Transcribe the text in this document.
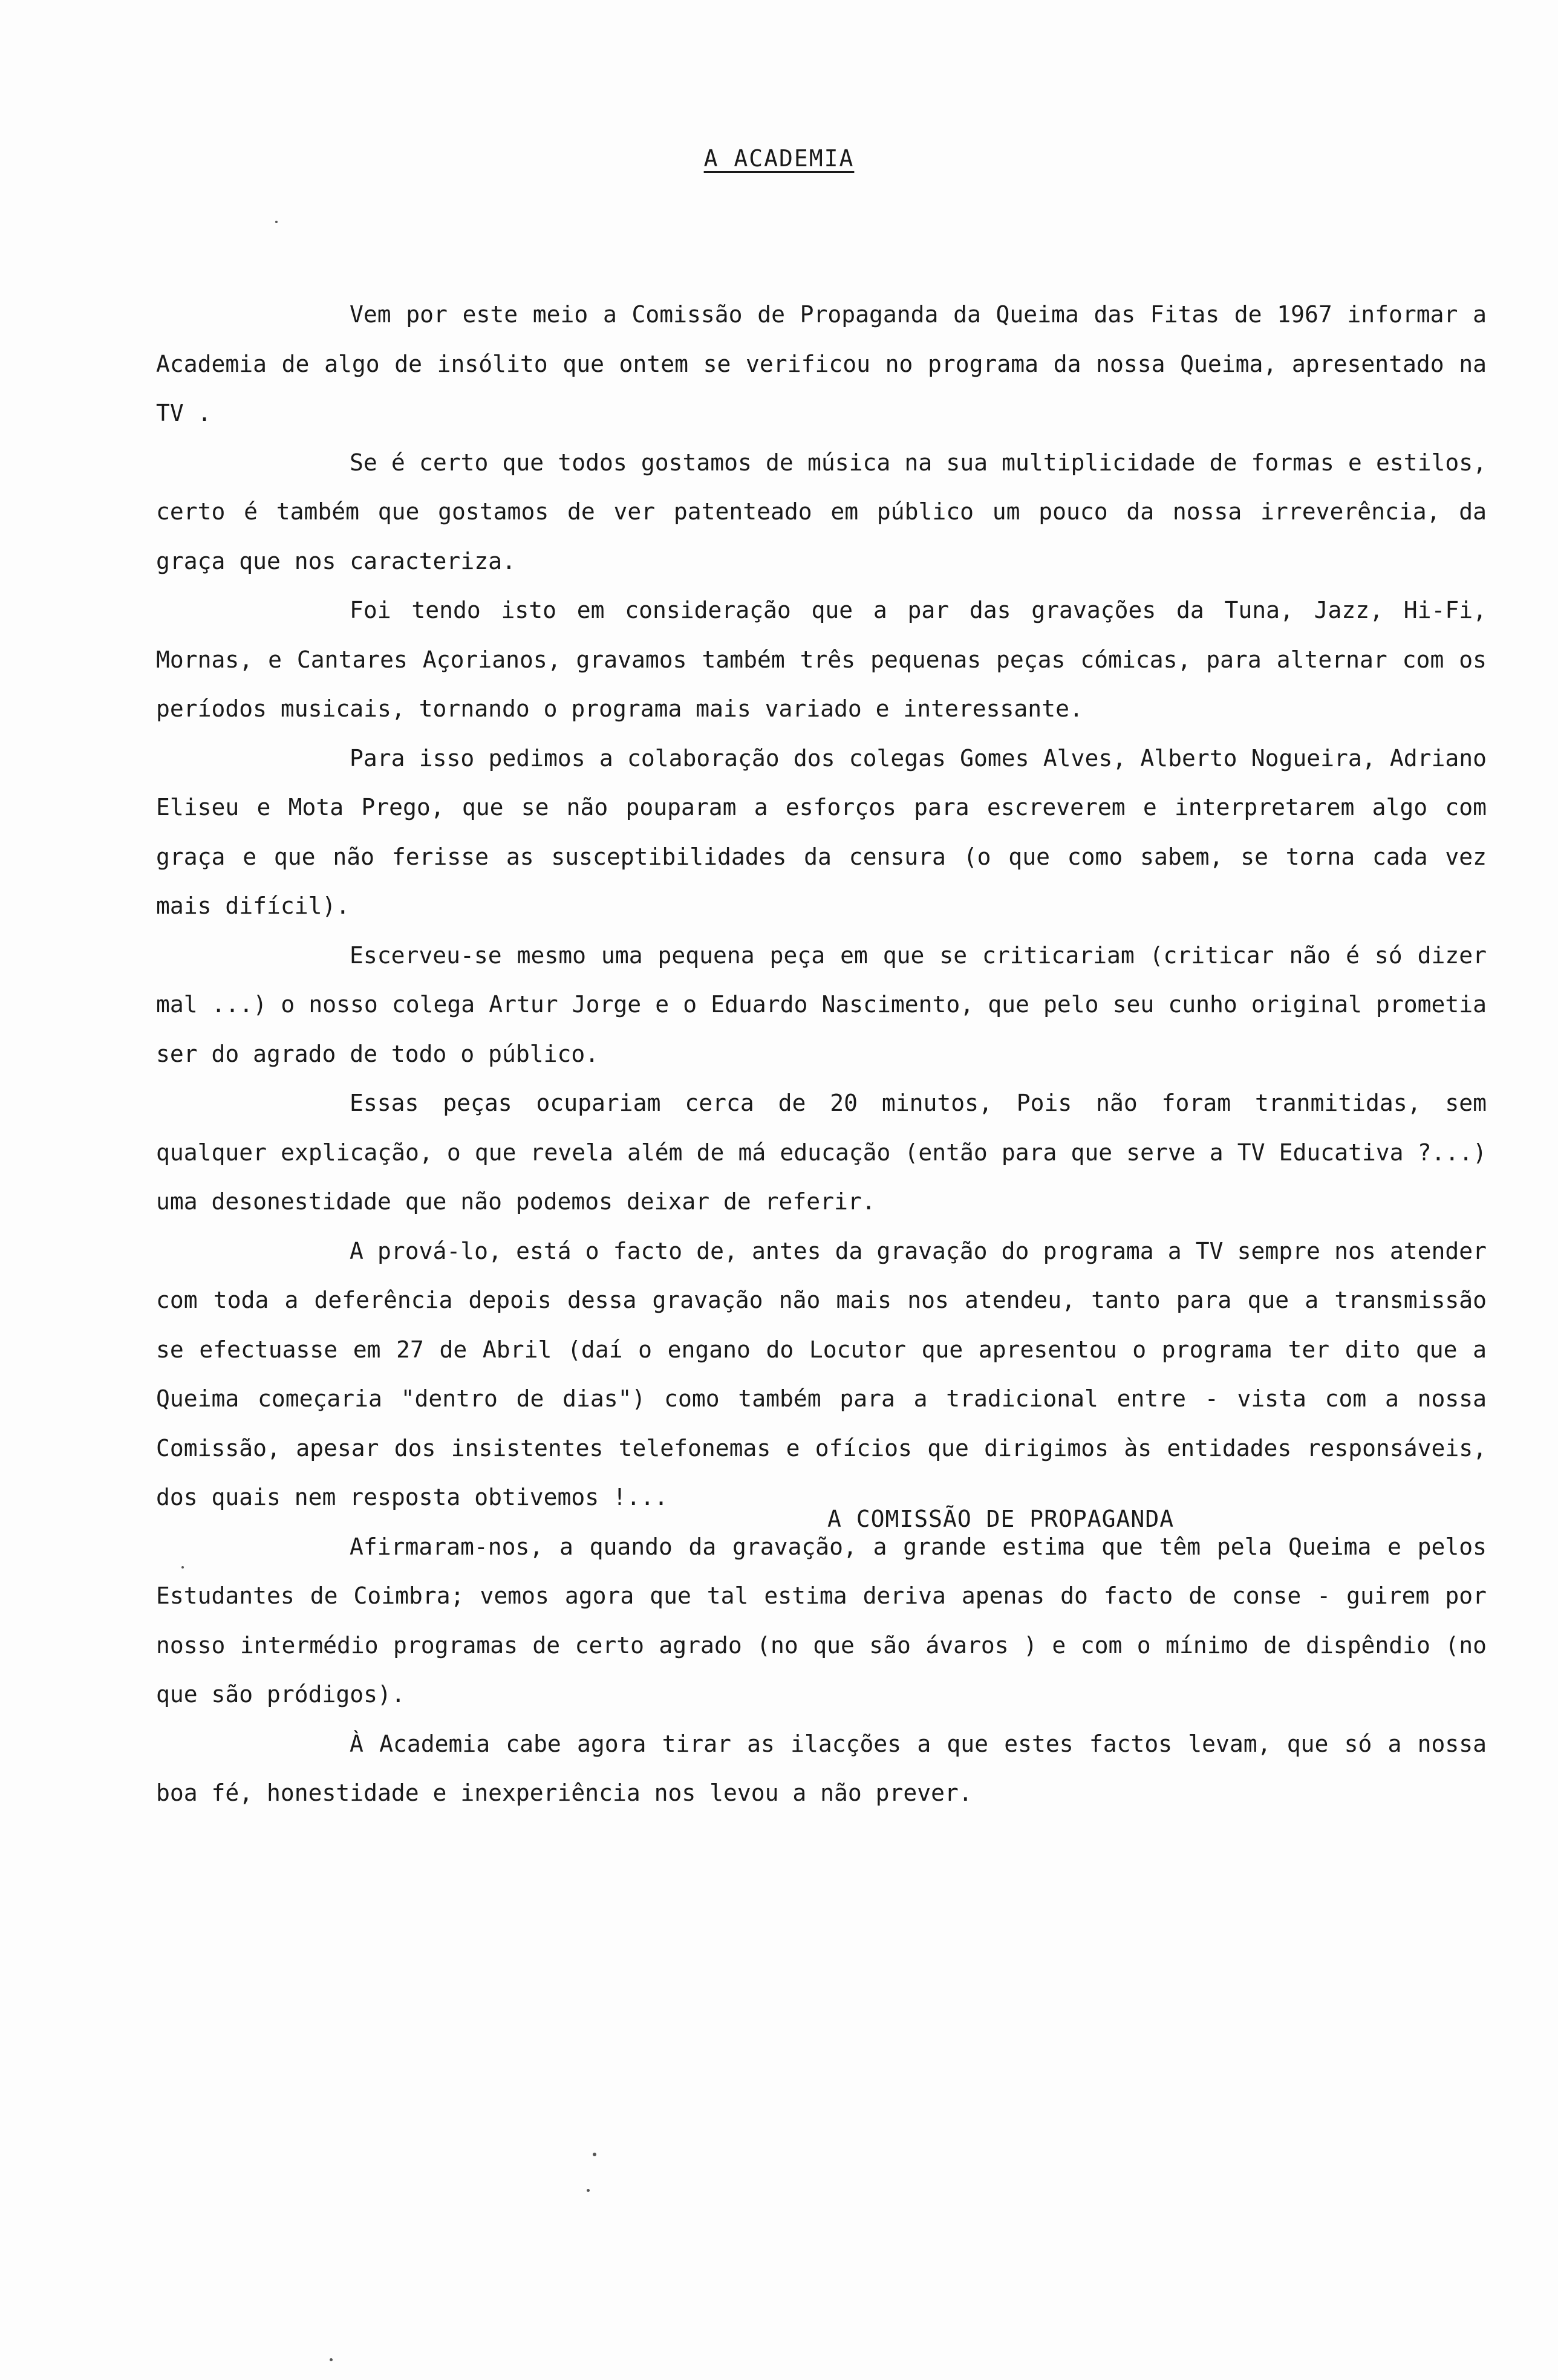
A ACADEMIA

Vem por este meio a Comissão de Propaganda da Queima das Fitas de 1967 informar a Academia de algo de insólito que ontem se verificou no programa da nossa Queima, apresentado na TV .

Se é certo que todos gostamos de música na sua multiplicidade de formas e estilos, certo é também que gostamos de ver patenteado em público um pouco da nossa irreverência, da graça que nos caracteriza.

Foi tendo isto em consideração que a par das gravações da Tuna, Jazz, Hi-Fi, Mornas, e Cantares Açorianos, gravamos também três pequenas peças cómicas, para alternar com os períodos musicais, tornando o programa mais variado e interessante.

Para isso pedimos a colaboração dos colegas Gomes Alves, Alberto Nogueira, Adriano Eliseu e Mota Prego, que se não pouparam a esforços para escreverem e interpretarem algo com graça e que não ferisse as susceptibilidades da censura (o que como sabem, se torna cada vez mais difícil).

Escerveu-se mesmo uma pequena peça em que se criticariam (criticar não é só dizer mal ...) o nosso colega Artur Jorge e o Eduardo Nascimento, que pelo seu cunho original prometia ser do agrado de todo o público.

Essas peças ocupariam cerca de 20 minutos, Pois não foram tranmitidas, sem qualquer explicação, o que revela além de má educação (então para que serve a TV Educativa ?...) uma desonestidade que não podemos deixar de referir.

A prová-lo, está o facto de, antes da gravação do programa a TV sempre nos atender com toda a deferência depois dessa gravação não mais nos atendeu, tanto para que a transmissão se efectuasse em 27 de Abril (daí o engano do Locutor que apresentou o programa ter dito que a Queima começaria "dentro de dias") como também para a tradicional entre - vista com a nossa Comissão, apesar dos insistentes telefonemas e ofícios que dirigimos às entidades responsáveis, dos quais nem resposta obtivemos !...

Afirmaram-nos, a quando da gravação, a grande estima que têm pela Queima e pelos Estudantes de Coimbra; vemos agora que tal estima deriva apenas do facto de conse - guirem por nosso intermédio programas de certo agrado (no que são ávaros ) e com o mínimo de dispêndio (no que são pródigos).

À Academia cabe agora tirar as ilacções a que estes factos levam, que só a nossa boa fé, honestidade e inexperiência nos levou a não prever.

A COMISSÃO DE PROPAGANDA
